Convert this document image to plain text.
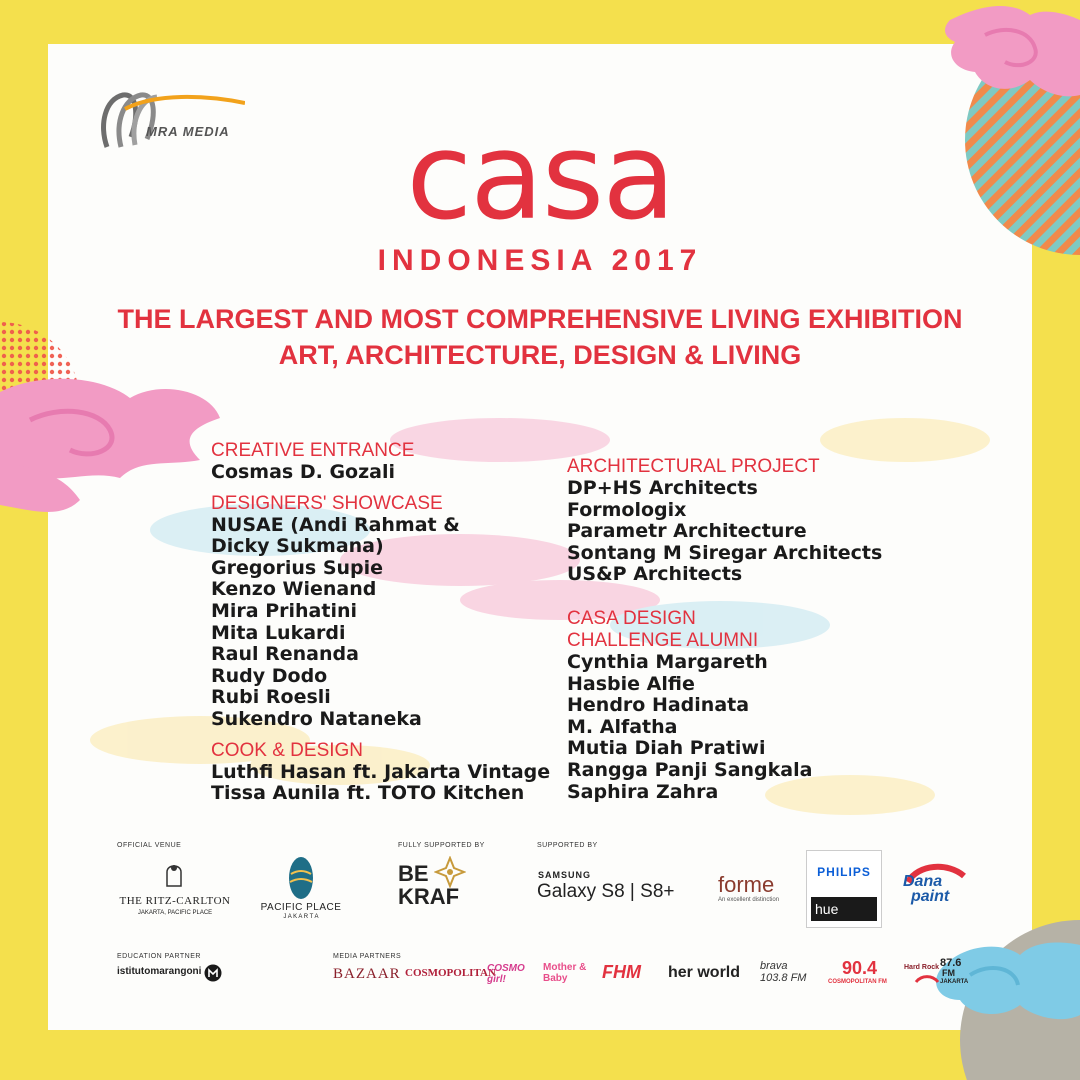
MRA MEDIA	casa
INDONESIA 2017
THE LARGEST AND MOST COMPREHENSIVE LIVING EXHIBITION
ART, ARCHITECTURE, DESIGN & LIVING
CREATIVE ENTRANCE
Cosmas D. Gozali
DESIGNERS' SHOWCASE
NUSAE (Andi Rahmat &
Dicky Sukmana)
Gregorius Supie
Kenzo Wienand
Mira Prihatini
Mita Lukardi
Raul Renanda
Rudy Dodo
Rubi Roesli
Sukendro Nataneka
COOK & DESIGN
Luthfi Hasan ft. Jakarta Vintage
Tissa Aunila ft. TOTO Kitchen
ARCHITECTURAL PROJECT
DP+HS Architects
Formologix
Parametr Architecture
Sontang M Siregar Architects
US&P Architects
CASA DESIGN
CHALLENGE ALUMNI
Cynthia Margareth
Hasbie Alfie
Hendro Hadinata
M. Alfatha
Mutia Diah Pratiwi
Rangga Panji Sangkala
Saphira Zahra
OFFICIAL VENUE	FULLY SUPPORTED BY	SUPPORTED BY
EDUCATION PARTNER	MEDIA PARTNERS
THE RITZ-CARLTON
JAKARTA, PACIFIC PLACE	PACIFIC PLACE
J A K A R T A
BE
KRAF
SAMSUNG
Galaxy S8 | S8+ forme
An excellent distinction
PHILIPS
hue
Dana
paint
istitutomarangoni	BAZAAR COSMOPOLITAN
COSMO girl!
Mother & Baby	FHM her world brava 103.8 FM	90.4
COSMOPOLITAN FM
Hard Rock 87.6
FM
JAKARTA
